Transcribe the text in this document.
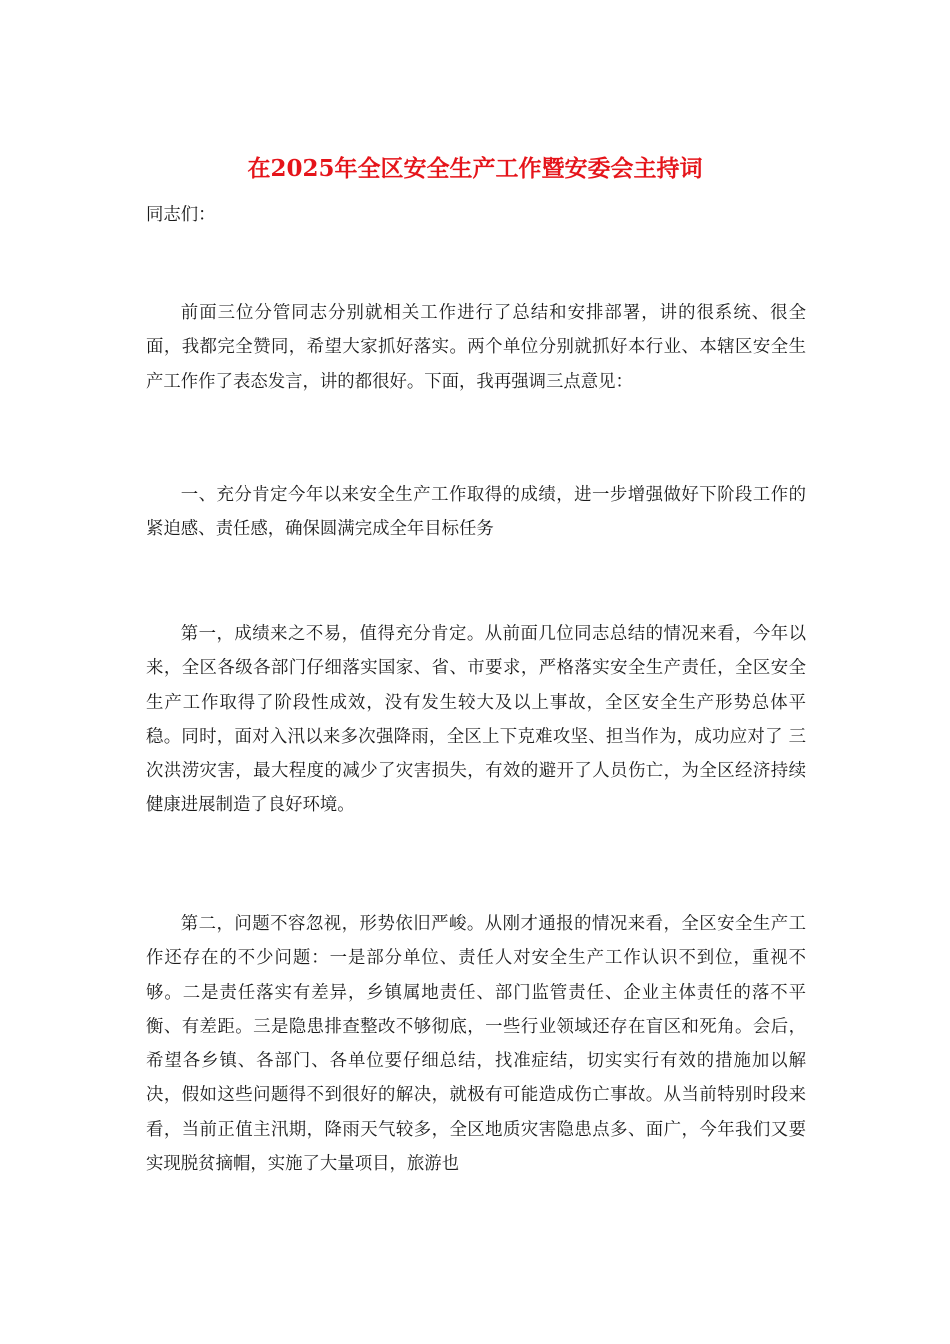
在2025年全区安全生产工作暨安委会主持词

同志们：

前面三位分管同志分别就相关工作进行了总结和安排部署，讲的很系统、很全面，我都完全赞同，希望大家抓好落实。两个单位分别就抓好本行业、本辖区安全生产工作作了表态发言，讲的都很好。下面，我再强调三点意见：

一、充分肯定今年以来安全生产工作取得的成绩，进一步增强做好下阶段工作的紧迫感、责任感，确保圆满完成全年目标任务

第一，成绩来之不易，值得充分肯定。从前面几位同志总结的情况来看，今年以来，全区各级各部门仔细落实国家、省、市要求，严格落实安全生产责任，全区安全生产工作取得了阶段性成效，没有发生较大及以上事故，全区安全生产形势总体平稳。同时，面对入汛以来多次强降雨，全区上下克难攻坚、担当作为，成功应对了 三次洪涝灾害，最大程度的减少了灾害损失，有效的避开了人员伤亡，为全区经济持续健康进展制造了良好环境。

第二，问题不容忽视，形势依旧严峻。从刚才通报的情况来看，全区安全生产工作还存在的不少问题：一是部分单位、责任人对安全生产工作认识不到位，重视不够。二是责任落实有差异，乡镇属地责任、部门监管责任、企业主体责任的落不平衡、有差距。三是隐患排查整改不够彻底，一些行业领域还存在盲区和死角。会后，希望各乡镇、各部门、各单位要仔细总结，找准症结，切实实行有效的措施加以解决，假如这些问题得不到很好的解决，就极有可能造成伤亡事故。从当前特别时段来看，当前正值主汛期，降雨天气较多，全区地质灾害隐患点多、面广，今年我们又要实现脱贫摘帽，实施了大量项目，旅游也
